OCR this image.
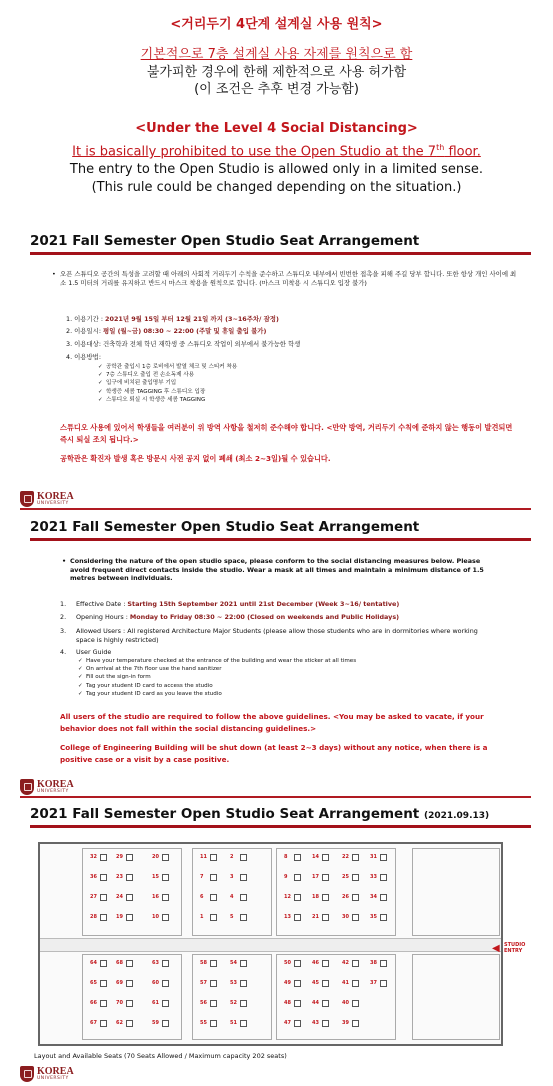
<거리두기 4단계 설계실 사용 원칙>
기본적으로 7층 설계실 사용 자제를 원칙으로 함
불가피한 경우에 한해 제한적으로 사용 허가함
(이 조건은 추후 변경 가능함)
<Under the Level 4 Social Distancing>
It is basically prohibited to use the Open Studio at the 7th floor.
The entry to the Open Studio is allowed only in a limited sense.
(This rule could be changed depending on the situation.)
2021 Fall Semester Open Studio Seat Arrangement
• 오픈 스튜디오 공간의 특성을 고려할 때 아래의 사회적 거리두기 수칙을 준수하고 스튜디오 내부에서 빈번한 접촉을 피해 주길 당부 합니다. 또한 항상 개인 사이에 최소 1.5 미터의 거리를 유지하고 반드시 마스크 착용을 원칙으로 합니다. (마스크 미착용 시 스튜디오 입장 불가)
1. 이용기간 : 2021년 9월 15일 부터 12월 21일 까지 (3~16주차/ 잠정)
2. 이용일시: 평일 (월~금) 08:30 ~ 22:00 (주말 및 휴일 출입 불가)
3. 이용대상: 건축학과 전체 학년 재학생 중 스튜디오 작업이 외부에서 불가능한 학생
4. 이용방법:
✓ 공학관 출입시 1층 로비에서 발열 체크 및 스티커 착용
✓ 7층 스튜디오 출입 전 손소독제 사용
✓ 입구에 비치된 출입명부 기입
✓ 학생증 세콤 TAGGING 후 스튜디오 입장
✓ 스튜디오 퇴실 시 학생증 세콤 TAGGING
스튜디오 사용에 있어서 학생들을 여러분이 위 방역 사항을 철저히 준수해야 합니다. <만약 방역, 거리두기 수칙에 준하지 않는 행동이 발견되면 즉시 퇴실 조치 됩니다.>
공학관은 확진자 발생 혹은 방문시 사전 공지 없이 폐쇄 (최소 2~3일)될 수 있습니다.
KOREA
UNIVERSITY
2021 Fall Semester Open Studio Seat Arrangement
• Considering the nature of the open studio space, please conform to the social distancing measures below. Please avoid frequent direct contacts inside the studio. Wear a mask at all times and maintain a minimum distance of 1.5 metres between individuals.
1. Effective Date : Starting 15th September 2021 until 21st December (Week 3~16/ tentative)
2. Opening Hours : Monday to Friday 08:30 ~ 22:00 (Closed on weekends and Public Holidays)
3. Allowed Users : All registered Architecture Major Students (please allow those students who are in dormitories where working space is highly restricted)
4. User Guide
✓ Have your temperature checked at the entrance of the building and wear the sticker at all times
✓ On arrival at the 7th floor use the hand sanitizer
✓ Fill out the sign-in form
✓ Tag your student ID card to access the studio
✓ Tag your student ID card as you leave the studio
All users of the studio are required to follow the above guidelines. <You may be asked to vacate, if your behavior does not fall within the social distancing guidelines.>
College of Engineering Building will be shut down (at least 2~3 days) without any notice, when there is a positive case or a visit by a case positive.
KOREA
UNIVERSITY
2021 Fall Semester Open Studio Seat Arrangement (2021.09.13)
32
36
27
28
29
23
24
19
20
15
16
10
11
7
6
1
2
3
4
5
8
9
12
13
14
17
18
21
22
25
26
30
31
33
34
35
64
65
66
67
68
69
70
62
63
60
61
59
58
57
56
55
54
53
52
51
50
49
48
47
46
45
44
43
42
41
40
39
38
37
STUDIO
ENTRY
◀
Layout and Available Seats (70 Seats Allowed / Maximum capacity 202 seats)
KOREA
UNIVERSITY
